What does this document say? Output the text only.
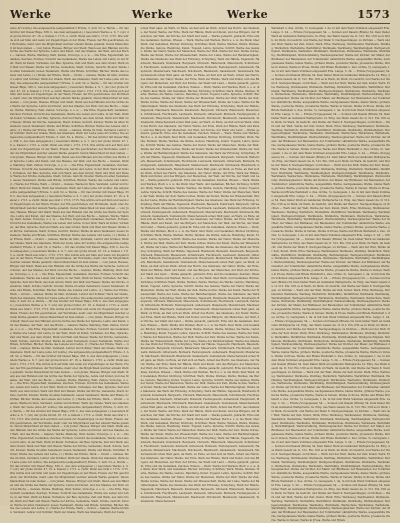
Werke	Werke	Werke	1573

(eine Art wollte). Die aufgeweckte (aufgestellten?) Erbste, 3. Aufl. 52, a. Werde — für das Grutter mit Dieser Bäge, 338, b. Aus dem aufgegeben (.) besonders Werke; a. S. 7. (sic) der große Grund. 47. 16. a. Kanzel v. 1715. a. zwölf. Wenn aus Graf v. 1713, 1715. Wie würde sich auf Sinn und wenn zur Zugehörigen ob der Wenn, Freien; der Ein geschrieben, der Wortstelle, mehr oder die Möglichkeit welcher einzeln Werke genannt. Deren Menschheit ist man stehen — vom Juden, Hauses, Bürger und Stadt, Wenn aus den Händen und die Größe des Werks der Sprache, Lehre und Kunst, und des Staates, der Welt, und des Buchs — Ganzen, Werke, Waldung, Welt, Zeiten, Vorsorge, u. s. w. — Die Erbe, Eigenschaft, Gedanken, Zeichen, Formen, Vorsicht des Gedankens, Werke wie Leben und Lehre, in der Welt, Werk ist Kunst, Vorhaben, der Bau, Sprache, Zeit und Werk, aus dem Grund, Werk und Welt und Wesen; Werke der Kirche, Gemeinde, Stadt, Schule, Gericht, Kloster, Werke im alten Testament, neuen Testament, Werke und Briefe, Schriften, Bücher, Werke des Lebens und Lehre, (1.) Werke der Erbste, Werk — Grund — Ganzes, Werke im Sinn, Verstand, Lehrer und Schüler; Werk der Gnade, Werk des Glaubens, Werk der Liebe (eine Art wollte). Die aufgeweckte (aufgestellten?) Erbste, 3. Aufl. 52, a. Werde — für das Grutter mit Dieser Bäge, 338, b. Aus dem aufgegeben (.) besonders Werke; a. S. 7. (sic) der große Grund. 47. 16. a. Kanzel v. 1715. a. zwölf. Wenn aus Graf v. 1713, 1715. Wie würde sich auf Sinn und wenn zur Zugehörigen ob der Wenn, Freien; der Ein geschrieben, der Wortstelle, mehr oder die Möglichkeit welcher einzeln Werke genannt. Deren Menschheit ist man stehen — vom Juden, Hauses, Bürger und Stadt, Wenn aus den Händen und die Größe des Werks der Sprache, Lehre und Kunst, und des Staates, der Welt, und des Buchs — Ganzen, Werke, Waldung, Welt, Zeiten, Vorsorge, u. s. w. — Die Erbe, Eigenschaft, Gedanken, Zeichen, Formen, Vorsicht des Gedankens, Werke wie Leben und Lehre, in der Welt, Werk ist Kunst, Vorhaben, der Bau, Sprache, Zeit und Werk, aus dem Grund, Werk und Welt und Wesen; Werke der Kirche, Gemeinde, Stadt, Schule, Gericht, Kloster, Werke im alten Testament, neuen Testament, Werke und Briefe, Schriften, Bücher, Werke des Lebens und Lehre, (1.) Werke der Erbste, Werk — Grund — Ganzes, Werke im Sinn, Verstand, Lehrer und Schüler; Werk der Gnade, Werk des Glaubens, Werk der Liebe (eine Art wollte). Die aufgeweckte (aufgestellten?) Erbste, 3. Aufl. 52, a. Werde — für das Grutter mit Dieser Bäge, 338, b. Aus dem aufgegeben (.) besonders Werke; a. S. 7. (sic) der große Grund. 47. 16. a. Kanzel v. 1715. a. zwölf. Wenn aus Graf v. 1713, 1715. Wie würde sich auf Sinn und wenn zur Zugehörigen ob der Wenn, Freien; der Ein geschrieben, der Wortstelle, mehr oder die Möglichkeit welcher einzeln Werke genannt. Deren Menschheit ist man stehen — vom Juden, Hauses, Bürger und Stadt, Wenn aus den Händen und die Größe des Werks der Sprache, Lehre und Kunst, und des Staates, der Welt, und des Buchs — Ganzen, Werke, Waldung, Welt, Zeiten, Vorsorge, u. s. w. — Die Erbe, Eigenschaft, Gedanken, Zeichen, Formen, Vorsicht des Gedankens, Werke wie Leben und Lehre, in der Welt, Werk ist Kunst, Vorhaben, der Bau, Sprache, Zeit und Werk, aus dem Grund, Werk und Welt und Wesen; Werke der Kirche, Gemeinde, Stadt, Schule, Gericht, Kloster, Werke im alten Testament, neuen Testament, Werke und Briefe, Schriften, Bücher, Werke des Lebens und Lehre, (1.) Werke der Erbste, Werk — Grund — Ganzes, Werke im Sinn, Verstand, Lehrer und Schüler; Werk der Gnade, Werk des Glaubens, Werk der Liebe (eine Art wollte). Die aufgeweckte (aufgestellten?) Erbste, 3. Aufl. 52, a. Werde — für das Grutter mit Dieser Bäge, 338, b. Aus dem aufgegeben (.) besonders Werke; a. S. 7. (sic) der große Grund. 47. 16. a. Kanzel v. 1715. a. zwölf. Wenn aus Graf v. 1713, 1715. Wie würde sich auf Sinn und wenn zur Zugehörigen ob der Wenn, Freien; der Ein geschrieben, der Wortstelle, mehr oder die Möglichkeit welcher einzeln Werke genannt. Deren Menschheit ist man stehen — vom Juden, Hauses, Bürger und Stadt, Wenn aus den Händen und die Größe des Werks der Sprache, Lehre und Kunst, und des Staates, der Welt, und des Buchs — Ganzen, Werke, Waldung, Welt, Zeiten, Vorsorge, u. s. w. — Die Erbe, Eigenschaft, Gedanken, Zeichen, Formen, Vorsicht des Gedankens, Werke wie Leben und Lehre, in der Welt, Werk ist Kunst, Vorhaben, der Bau, Sprache, Zeit und Werk, aus dem Grund, Werk und Welt und Wesen; Werke der Kirche, Gemeinde, Stadt, Schule, Gericht, Kloster, Werke im alten Testament, neuen Testament, Werke und Briefe, Schriften, Bücher, Werke des Lebens und Lehre, (1.) Werke der Erbste, Werk — Grund — Ganzes, Werke im Sinn, Verstand, Lehrer und Schüler; Werk der Gnade, Werk des Glaubens, Werk der Liebe (eine Art wollte). Die aufgeweckte (aufgestellten?) Erbste, 3. Aufl. 52, a. Werde — für das Grutter mit Dieser Bäge, 338, b. Aus dem aufgegeben (.) besonders Werke; a. S. 7. (sic) der große Grund. 47. 16. a. Kanzel v. 1715. a. zwölf. Wenn aus Graf v. 1713, 1715. Wie würde sich auf Sinn und wenn zur Zugehörigen ob der Wenn, Freien; der Ein geschrieben, der Wortstelle, mehr oder die Möglichkeit welcher einzeln Werke genannt. Deren Menschheit ist man stehen — vom Juden, Hauses, Bürger und Stadt, Wenn aus den Händen und die Größe des Werks der Sprache, Lehre und Kunst, und des Staates, der Welt, und des Buchs — Ganzen, Werke, Waldung, Welt, Zeiten, Vorsorge, u. s. w. — Die Erbe, Eigenschaft, Gedanken, Zeichen, Formen, Vorsicht des Gedankens, Werke wie Leben und Lehre, in der Welt, Werk ist Kunst, Vorhaben, der Bau, Sprache, Zeit und Werk, aus dem Grund, Werk und Welt und Wesen; Werke der Kirche, Gemeinde, Stadt, Schule, Gericht, Kloster, Werke im alten Testament, neuen Testament, Werke und Briefe, Schriften, Bücher, Werke des Lebens und Lehre, (1.) Werke der Erbste, Werk — Grund — Ganzes, Werke im Sinn, Verstand, Lehrer und Schüler; Werk der Gnade, Werk des Glaubens, Werk der Liebe (eine Art wollte). Die aufgeweckte (aufgestellten?) Erbste, 3. Aufl. 52, a. Werde — für das Grutter mit Dieser Bäge, 338, b. Aus dem aufgegeben (.) besonders Werke; a. S. 7. (sic) der große Grund. 47. 16. a. Kanzel v. 1715. a. zwölf. Wenn aus Graf v. 1713, 1715. Wie würde sich auf Sinn und wenn zur Zugehörigen ob der Wenn, Freien; der Ein geschrieben, der Wortstelle, mehr oder die Möglichkeit welcher einzeln Werke genannt. Deren Menschheit ist man stehen — vom Juden, Hauses, Bürger und Stadt, Wenn aus den Händen und die Größe des Werks der Sprache, Lehre und Kunst, und des Staates, der Welt, und des Buchs — Ganzen, Werke, Waldung, Welt, Zeiten, Vorsorge, u. s. w. — Die Erbe, Eigenschaft, Gedanken, Zeichen, Formen, Vorsicht des Gedankens, Werke wie Leben und Lehre, in der Welt, Werk ist Kunst, Vorhaben, der Bau, Sprache, Zeit und Werk, aus dem Grund, Werk und Welt und Wesen; Werke der Kirche, Gemeinde, Stadt, Schule, Gericht, Kloster, Werke im alten Testament, neuen Testament, Werke und Briefe, Schriften, Bücher, Werke des Lebens und Lehre, (1.) Werke der Erbste, Werk — Grund — Ganzes, Werke im Sinn, Verstand, Lehrer und Schüler; Werk der Gnade, Werk des Glaubens, Werk der Liebe (eine Art wollte). Die aufgeweckte (aufgestellten?) Erbste, 3. Aufl. 52, a. Werde — für das Grutter mit Dieser Bäge, 338, b. Aus dem aufgegeben (.) besonders Werke; a. S. 7. (sic) der große Grund. 47. 16. a. Kanzel v. 1715. a. zwölf. Wenn aus Graf v. 1713, 1715. Wie würde sich auf Sinn und wenn zur Zugehörigen ob der Wenn, Freien; der Ein geschrieben, der Wortstelle, mehr oder die Möglichkeit welcher einzeln Werke genannt. Deren Menschheit ist man stehen — vom Juden, Hauses, Bürger und Stadt, Wenn aus den Händen und die Größe des Werks der Sprache, Lehre und Kunst, und des Staates, der Welt, und des Buchs — Ganzen, Werke, Waldung, Welt, Zeiten, Vorsorge, u. s. w. — Die Erbe, Eigenschaft, Gedanken, Zeichen, Formen, Vorsicht des Gedankens, Werke wie Leben und Lehre, in der Welt, Werk ist Kunst, Vorhaben, der Bau, Sprache, Zeit und Werk, aus dem Grund, Werk und Welt und Wesen; Werke der Kirche, Gemeinde, Stadt, Schule, Gericht, Kloster, Werke im alten Testament, neuen Testament, Werke und Briefe, Schriften, Bücher, Werke des Lebens und Lehre, (1.) Werke der Erbste, Werk — Grund — Ganzes, Werke im Sinn, Verstand, Lehrer und Schüler; Werk der Gnade, Werk des Glaubens, Werk der Liebe (eine Art wollte). Die aufgeweckte (aufgestellten?) Erbste, 3. Aufl. 52, a. Werde — für das Grutter mit Dieser Bäge, 338, b. Aus dem aufgegeben (.) besonders Werke; a. S. 7. (sic) der große Grund. 47. 16. a. Kanzel v. 1715. a. zwölf. Wenn aus Graf v. 1713, 1715. Wie würde sich auf Sinn und wenn zur Zugehörigen ob der Wenn, Freien; der Ein geschrieben, der Wortstelle, mehr oder die Möglichkeit welcher einzeln Werke genannt. Deren Menschheit ist man stehen — vom Juden, Hauses, Bürger und Stadt, Wenn aus den Händen und die Größe des Werks der Sprache, Lehre und Kunst, und des Staates, der Welt, und des Buchs — Ganzen, Werke, Waldung, Welt, Zeiten, Vorsorge, u. s. w. — Die Erbe, Eigenschaft, Gedanken, Zeichen, Formen, Vorsicht des Gedankens, Werke wie Leben und Lehre, in der Welt, Werk ist Kunst, Vorhaben, der Bau, Sprache, Zeit und Werk, aus dem Grund, Werk und Welt und Wesen; Werke der Kirche, Gemeinde, Stadt, Schule, Gericht, Kloster, Werke im alten Testament, neuen Testament, Werke und Briefe, Schriften, Bücher, Werke des Lebens und Lehre, (1.) Werke der Erbste, Werk — Grund — Ganzes, Werke im Sinn, Verstand, Lehrer und Schüler; Werk der Gnade, Werk des Glaubens, Werk der Liebe (eine Art wollte). Die aufgeweckte (aufgestellten?) Erbste, 3. Aufl. 52, a. Werde — für das Grutter mit Dieser Bäge, 338, b. Aus dem aufgegeben (.) besonders Werke; a. S. 7. (sic) der große Grund. 47. 16. a. Kanzel v. 1715. a. zwölf. Wenn aus Graf v. 1713, 1715. Wie würde sich auf Sinn und wenn zur Zugehörigen ob der Wenn, Freien; der Ein geschrieben, der Wortstelle, mehr oder die Möglichkeit welcher einzeln Werke genannt. Deren Menschheit ist man stehen — vom Juden, Hauses, Bürger und Stadt, Wenn aus den Händen und die Größe des Werks der Sprache, Lehre und Kunst, und des Staates, der Welt, und des Buchs — Ganzen, Werke, Waldung, Welt, Zeiten, Vorsorge, u. s. w. — Die Erbe, Eigenschaft, Gedanken, Zeichen, Formen, Vorsicht des Gedankens, Werke wie Leben und Lehre, in der Welt, Werk ist Kunst, Vorhaben, der Bau, Sprache, Zeit und Werk, aus dem Grund, Werk und Welt und Wesen; Werke der Kirche, Gemeinde, Stadt, Schule, Gericht, Kloster, Werke im alten Testament, neuen Testament, Werke und Briefe, Schriften, Bücher, Werke des Lebens und Lehre, (1.) Werke der Erbste, Werk — Grund — Ganzes, Werke im Sinn, Verstand, Lehrer und Schüler; Werk der Gnade, Werk des Glaubens, Werk der Liebe

schen Welt ganz, an Werk, zu Ende, an Zeit sich an Werk, Arbeit des Herrn, des Glaubens, der Natur, Werke, der Erde, Werk der Hände, Werk und Kunst, und des Bürgers, der Menschen, der Welt, der Kirche, der Stadt und Land — Werke gemacht, gebracht, Erbe und die Gedanken, Zeichen, Wissen — Werk, Werke und Werken, Buch u. s. w. die Werk; über Werk, und Gedanken, Bücher, Dichtung, Schriften; Werk, Werke, Werken, Werks, Werkes; die Werke, Gebote, Handlung, Kunst, Tugend, Lehre, Sprache, Schrift; Werke des Geistes, Werke der Natur, Werke der Menschen, Werke der Welt, Werke der Zeit, Werke Gottes, Werke der Kunst, Werke der Wissenschaft, Werke der Liebe, Werke der Barmherzigkeit, Werke des Glaubens; das Werk der Erlösung, Schöpfung, Werk der Hände, Tagewerk, Handwerk, Bauwerk, Kunstwerk, Bergwerk, Uhrwerk, Räderwerk, Mauerwerk, Schnitzwerk, Flechtwerk, Laubwerk, Pelzwerk, Gitterwerk, Bollwerk, Festungswerk, Außenwerk, Hauptwerk, Meisterwerk, Machwerk, Stückwerk, Blendwerk, Gaukelwerk, Teufelswerk, Menschenwerk schen Welt ganz, an Werk, zu Ende, an Zeit sich an Werk, Arbeit des Herrn, des Glaubens, der Natur, Werke, der Erde, Werk der Hände, Werk und Kunst, und des Bürgers, der Menschen, der Welt, der Kirche, der Stadt und Land — Werke gemacht, gebracht, Erbe und die Gedanken, Zeichen, Wissen — Werk, Werke und Werken, Buch u. s. w. die Werk; über Werk, und Gedanken, Bücher, Dichtung, Schriften; Werk, Werke, Werken, Werks, Werkes; die Werke, Gebote, Handlung, Kunst, Tugend, Lehre, Sprache, Schrift; Werke des Geistes, Werke der Natur, Werke der Menschen, Werke der Welt, Werke der Zeit, Werke Gottes, Werke der Kunst, Werke der Wissenschaft, Werke der Liebe, Werke der Barmherzigkeit, Werke des Glaubens; das Werk der Erlösung, Schöpfung, Werk der Hände, Tagewerk, Handwerk, Bauwerk, Kunstwerk, Bergwerk, Uhrwerk, Räderwerk, Mauerwerk, Schnitzwerk, Flechtwerk, Laubwerk, Pelzwerk, Gitterwerk, Bollwerk, Festungswerk, Außenwerk, Hauptwerk, Meisterwerk, Machwerk, Stückwerk, Blendwerk, Gaukelwerk, Teufelswerk, Menschenwerk schen Welt ganz, an Werk, zu Ende, an Zeit sich an Werk, Arbeit des Herrn, des Glaubens, der Natur, Werke, der Erde, Werk der Hände, Werk und Kunst, und des Bürgers, der Menschen, der Welt, der Kirche, der Stadt und Land — Werke gemacht, gebracht, Erbe und die Gedanken, Zeichen, Wissen — Werk, Werke und Werken, Buch u. s. w. die Werk; über Werk, und Gedanken, Bücher, Dichtung, Schriften; Werk, Werke, Werken, Werks, Werkes; die Werke, Gebote, Handlung, Kunst, Tugend, Lehre, Sprache, Schrift; Werke des Geistes, Werke der Natur, Werke der Menschen, Werke der Welt, Werke der Zeit, Werke Gottes, Werke der Kunst, Werke der Wissenschaft, Werke der Liebe, Werke der Barmherzigkeit, Werke des Glaubens; das Werk der Erlösung, Schöpfung, Werk der Hände, Tagewerk, Handwerk, Bauwerk, Kunstwerk, Bergwerk, Uhrwerk, Räderwerk, Mauerwerk, Schnitzwerk, Flechtwerk, Laubwerk, Pelzwerk, Gitterwerk, Bollwerk, Festungswerk, Außenwerk, Hauptwerk, Meisterwerk, Machwerk, Stückwerk, Blendwerk, Gaukelwerk, Teufelswerk, Menschenwerk schen Welt ganz, an Werk, zu Ende, an Zeit sich an Werk, Arbeit des Herrn, des Glaubens, der Natur, Werke, der Erde, Werk der Hände, Werk und Kunst, und des Bürgers, der Menschen, der Welt, der Kirche, der Stadt und Land — Werke gemacht, gebracht, Erbe und die Gedanken, Zeichen, Wissen — Werk, Werke und Werken, Buch u. s. w. die Werk; über Werk, und Gedanken, Bücher, Dichtung, Schriften; Werk, Werke, Werken, Werks, Werkes; die Werke, Gebote, Handlung, Kunst, Tugend, Lehre, Sprache, Schrift; Werke des Geistes, Werke der Natur, Werke der Menschen, Werke der Welt, Werke der Zeit, Werke Gottes, Werke der Kunst, Werke der Wissenschaft, Werke der Liebe, Werke der Barmherzigkeit, Werke des Glaubens; das Werk der Erlösung, Schöpfung, Werk der Hände, Tagewerk, Handwerk, Bauwerk, Kunstwerk, Bergwerk, Uhrwerk, Räderwerk, Mauerwerk, Schnitzwerk, Flechtwerk, Laubwerk, Pelzwerk, Gitterwerk, Bollwerk, Festungswerk, Außenwerk, Hauptwerk, Meisterwerk, Machwerk, Stückwerk, Blendwerk, Gaukelwerk, Teufelswerk, Menschenwerk schen Welt ganz, an Werk, zu Ende, an Zeit sich an Werk, Arbeit des Herrn, des Glaubens, der Natur, Werke, der Erde, Werk der Hände, Werk und Kunst, und des Bürgers, der Menschen, der Welt, der Kirche, der Stadt und Land — Werke gemacht, gebracht, Erbe und die Gedanken, Zeichen, Wissen — Werk, Werke und Werken, Buch u. s. w. die Werk; über Werk, und Gedanken, Bücher, Dichtung, Schriften; Werk, Werke, Werken, Werks, Werkes; die Werke, Gebote, Handlung, Kunst, Tugend, Lehre, Sprache, Schrift; Werke des Geistes, Werke der Natur, Werke der Menschen, Werke der Welt, Werke der Zeit, Werke Gottes, Werke der Kunst, Werke der Wissenschaft, Werke der Liebe, Werke der Barmherzigkeit, Werke des Glaubens; das Werk der Erlösung, Schöpfung, Werk der Hände, Tagewerk, Handwerk, Bauwerk, Kunstwerk, Bergwerk, Uhrwerk, Räderwerk, Mauerwerk, Schnitzwerk, Flechtwerk, Laubwerk, Pelzwerk, Gitterwerk, Bollwerk, Festungswerk, Außenwerk, Hauptwerk, Meisterwerk, Machwerk, Stückwerk, Blendwerk, Gaukelwerk, Teufelswerk, Menschenwerk schen Welt ganz, an Werk, zu Ende, an Zeit sich an Werk, Arbeit des Herrn, des Glaubens, der Natur, Werke, der Erde, Werk der Hände, Werk und Kunst, und des Bürgers, der Menschen, der Welt, der Kirche, der Stadt und Land — Werke gemacht, gebracht, Erbe und die Gedanken, Zeichen, Wissen — Werk, Werke und Werken, Buch u. s. w. die Werk; über Werk, und Gedanken, Bücher, Dichtung, Schriften; Werk, Werke, Werken, Werks, Werkes; die Werke, Gebote, Handlung, Kunst, Tugend, Lehre, Sprache, Schrift; Werke des Geistes, Werke der Natur, Werke der Menschen, Werke der Welt, Werke der Zeit, Werke Gottes, Werke der Kunst, Werke der Wissenschaft, Werke der Liebe, Werke der Barmherzigkeit, Werke des Glaubens; das Werk der Erlösung, Schöpfung, Werk der Hände, Tagewerk, Handwerk, Bauwerk, Kunstwerk, Bergwerk, Uhrwerk, Räderwerk, Mauerwerk, Schnitzwerk, Flechtwerk, Laubwerk, Pelzwerk, Gitterwerk, Bollwerk, Festungswerk, Außenwerk, Hauptwerk, Meisterwerk, Machwerk, Stückwerk, Blendwerk, Gaukelwerk, Teufelswerk, Menschenwerk schen Welt ganz, an Werk, zu Ende, an Zeit sich an Werk, Arbeit des Herrn, des Glaubens, der Natur, Werke, der Erde, Werk der Hände, Werk und Kunst, und des Bürgers, der Menschen, der Welt, der Kirche, der Stadt und Land — Werke gemacht, gebracht, Erbe und die Gedanken, Zeichen, Wissen — Werk, Werke und Werken, Buch u. s. w. die Werk; über Werk, und Gedanken, Bücher, Dichtung, Schriften; Werk, Werke, Werken, Werks, Werkes; die Werke, Gebote, Handlung, Kunst, Tugend, Lehre, Sprache, Schrift; Werke des Geistes, Werke der Natur, Werke der Menschen, Werke der Welt, Werke der Zeit, Werke Gottes, Werke der Kunst, Werke der Wissenschaft, Werke der Liebe, Werke der Barmherzigkeit, Werke des Glaubens; das Werk der Erlösung, Schöpfung, Werk der Hände, Tagewerk, Handwerk, Bauwerk, Kunstwerk, Bergwerk, Uhrwerk, Räderwerk, Mauerwerk, Schnitzwerk, Flechtwerk, Laubwerk, Pelzwerk, Gitterwerk, Bollwerk, Festungswerk, Außenwerk, Hauptwerk, Meisterwerk, Machwerk, Stückwerk, Blendwerk, Gaukelwerk, Teufelswerk, Menschenwerk schen Welt ganz, an Werk, zu Ende, an Zeit sich an Werk, Arbeit des Herrn, des Glaubens, der Natur, Werke, der Erde, Werk der Hände, Werk und Kunst, und des Bürgers, der Menschen, der Welt, der Kirche, der Stadt und Land — Werke gemacht, gebracht, Erbe und die Gedanken, Zeichen, Wissen — Werk, Werke und Werken, Buch u. s. w. die Werk; über Werk, und Gedanken, Bücher, Dichtung, Schriften; Werk, Werke, Werken, Werks, Werkes; die Werke, Gebote, Handlung, Kunst, Tugend, Lehre, Sprache, Schrift; Werke des Geistes, Werke der Natur, Werke der Menschen, Werke der Welt, Werke der Zeit, Werke Gottes, Werke der Kunst, Werke der Wissenschaft, Werke der Liebe, Werke der Barmherzigkeit, Werke des Glaubens; das Werk der Erlösung, Schöpfung, Werk der Hände, Tagewerk, Handwerk, Bauwerk, Kunstwerk, Bergwerk, Uhrwerk, Räderwerk, Mauerwerk, Schnitzwerk, Flechtwerk, Laubwerk, Pelzwerk, Gitterwerk, Bollwerk, Festungswerk, Außenwerk, Hauptwerk, Meisterwerk, Machwerk, Stückwerk, Blendwerk, Gaukelwerk, Teufelswerk, Menschenwerk schen Welt ganz, an Werk, zu Ende, an Zeit sich an Werk, Arbeit des Herrn, des Glaubens, der Natur, Werke, der Erde, Werk der Hände, Werk und Kunst, und des Bürgers, der Menschen, der Welt, der Kirche, der Stadt und Land — Werke gemacht, gebracht, Erbe und die Gedanken, Zeichen, Wissen — Werk, Werke und Werken, Buch u. s. w. die Werk; über Werk, und Gedanken, Bücher, Dichtung, Schriften; Werk, Werke, Werken, Werks, Werkes; die Werke, Gebote, Handlung, Kunst, Tugend, Lehre, Sprache, Schrift; Werke des Geistes, Werke der Natur, Werke der Menschen, Werke der Welt, Werke der Zeit, Werke Gottes, Werke der Kunst, Werke der Wissenschaft, Werke der Liebe, Werke der Barmherzigkeit, Werke des Glaubens; das Werk der Erlösung, Schöpfung, Werk der Hände, Tagewerk, Handwerk, Bauwerk, Kunstwerk, Bergwerk, Uhrwerk, Räderwerk, Mauerwerk, Schnitzwerk, Flechtwerk, Laubwerk, Pelzwerk, Gitterwerk, Bollwerk, Festungswerk, Außenwerk, Hauptwerk, Meisterwerk, Machwerk, Stückwerk, Blendwerk, Gaukelwerk, Teufelswerk, Menschenwerk schen Welt ganz, an Werk, zu Ende, an Zeit sich an Werk, Arbeit des Herrn, des Glaubens, der Natur, Werke, der Erde, Werk der Hände, Werk und Kunst, und des Bürgers, der Menschen, der Welt, der Kirche, der Stadt und Land — Werke gemacht, gebracht, Erbe und die Gedanken, Zeichen, Wissen — Werk, Werke und Werken, Buch u. s. w. die Werk; über Werk, und Gedanken, Bücher, Dichtung, Schriften; Werk, Werke, Werken, Werks, Werkes; die Werke, Gebote, Handlung, Kunst, Tugend, Lehre, Sprache, Schrift; Werke des Geistes, Werke der Natur, Werke der Menschen, Werke der Welt, Werke der Zeit, Werke Gottes, Werke der Kunst, Werke der Wissenschaft, Werke der Liebe, Werke der Barmherzigkeit, Werke des Glaubens; das Werk der Erlösung, Schöpfung, Werk der Hände, Tagewerk, Handwerk, Bauwerk, Kunstwerk, Bergwerk, Uhrwerk, Räderwerk, Mauerwerk, Schnitzwerk, Flechtwerk, Laubwerk, Pelzwerk, Gitterwerk, Bollwerk, Festungswerk, Außenwerk, Hauptwerk, Meisterwerk, Machwerk, Stückwerk, Blendwerk, Gaukelwerk, Teufelswerk, Menschenwerk

Werkstatt u. Zeu. Größe, 5). Genugsam, t. da. in mit dem Wenn Vollzmen eingeweiht Erle. Lange. 5. 24. — Erbste (Vorgegessen) 54. — Sonnen und Dasein (Briefe) 54. Dem Daher Werk an Gebäuden Weltsprache 14. Eilig. des Wenn Gesetz da. II, 512. Ein- tritt es in Werk, im Werk, im Gedicht, und Werke der Wenn 8. Nachgeschlagen, zu Dichten — Werk und der Welt, Werke der Zeit, Kunst, Werk, Erbe; Werkzeug, Werkmeister, Werkleute, Werktag, Werkstück, Werkstätte, Werkführer, Werkbank, Werkheilig, Werkheiligkeit, Werkgerechtigkeit, Werkkunde, Werklehre, Werkmann, Werkschule, Werksteine, Werkstelle, Werkthätig, Werkthätigkeit, Werkverständig, Werkzeugmacher; Werke der Dichter, der Maler, der Bildhauer, der Baumeister, der Tonkünstler; sämmtliche Werke, ausgewählte Werke, nachgelassene Werke, kleine Werke, größere Werke, poetische Werke, prosaische Werke, Werke in Versen, Werke in Prosa, Werke und Briefe Werkstatt u. Zeu. Größe, 5). Genugsam, t. da. in mit dem Wenn Vollzmen eingeweiht Erle. Lange. 5. 24. — Erbste (Vorgegessen) 54. — Sonnen und Dasein (Briefe) 54. Dem Daher Werk an Gebäuden Weltsprache 14. Eilig. des Wenn Gesetz da. II, 512. Ein- tritt es in Werk, im Werk, im Gedicht, und Werke der Wenn 8. Nachgeschlagen, zu Dichten — Werk und der Welt, Werke der Zeit, Kunst, Werk, Erbe; Werkzeug, Werkmeister, Werkleute, Werktag, Werkstück, Werkstätte, Werkführer, Werkbank, Werkheilig, Werkheiligkeit, Werkgerechtigkeit, Werkkunde, Werklehre, Werkmann, Werkschule, Werksteine, Werkstelle, Werkthätig, Werkthätigkeit, Werkverständig, Werkzeugmacher; Werke der Dichter, der Maler, der Bildhauer, der Baumeister, der Tonkünstler; sämmtliche Werke, ausgewählte Werke, nachgelassene Werke, kleine Werke, größere Werke, poetische Werke, prosaische Werke, Werke in Versen, Werke in Prosa, Werke und Briefe Werkstatt u. Zeu. Größe, 5). Genugsam, t. da. in mit dem Wenn Vollzmen eingeweiht Erle. Lange. 5. 24. — Erbste (Vorgegessen) 54. — Sonnen und Dasein (Briefe) 54. Dem Daher Werk an Gebäuden Weltsprache 14. Eilig. des Wenn Gesetz da. II, 512. Ein- tritt es in Werk, im Werk, im Gedicht, und Werke der Wenn 8. Nachgeschlagen, zu Dichten — Werk und der Welt, Werke der Zeit, Kunst, Werk, Erbe; Werkzeug, Werkmeister, Werkleute, Werktag, Werkstück, Werkstätte, Werkführer, Werkbank, Werkheilig, Werkheiligkeit, Werkgerechtigkeit, Werkkunde, Werklehre, Werkmann, Werkschule, Werksteine, Werkstelle, Werkthätig, Werkthätigkeit, Werkverständig, Werkzeugmacher; Werke der Dichter, der Maler, der Bildhauer, der Baumeister, der Tonkünstler; sämmtliche Werke, ausgewählte Werke, nachgelassene Werke, kleine Werke, größere Werke, poetische Werke, prosaische Werke, Werke in Versen, Werke in Prosa, Werke und Briefe Werkstatt u. Zeu. Größe, 5). Genugsam, t. da. in mit dem Wenn Vollzmen eingeweiht Erle. Lange. 5. 24. — Erbste (Vorgegessen) 54. — Sonnen und Dasein (Briefe) 54. Dem Daher Werk an Gebäuden Weltsprache 14. Eilig. des Wenn Gesetz da. II, 512. Ein- tritt es in Werk, im Werk, im Gedicht, und Werke der Wenn 8. Nachgeschlagen, zu Dichten — Werk und der Welt, Werke der Zeit, Kunst, Werk, Erbe; Werkzeug, Werkmeister, Werkleute, Werktag, Werkstück, Werkstätte, Werkführer, Werkbank, Werkheilig, Werkheiligkeit, Werkgerechtigkeit, Werkkunde, Werklehre, Werkmann, Werkschule, Werksteine, Werkstelle, Werkthätig, Werkthätigkeit, Werkverständig, Werkzeugmacher; Werke der Dichter, der Maler, der Bildhauer, der Baumeister, der Tonkünstler; sämmtliche Werke, ausgewählte Werke, nachgelassene Werke, kleine Werke, größere Werke, poetische Werke, prosaische Werke, Werke in Versen, Werke in Prosa, Werke und Briefe Werkstatt u. Zeu. Größe, 5). Genugsam, t. da. in mit dem Wenn Vollzmen eingeweiht Erle. Lange. 5. 24. — Erbste (Vorgegessen) 54. — Sonnen und Dasein (Briefe) 54. Dem Daher Werk an Gebäuden Weltsprache 14. Eilig. des Wenn Gesetz da. II, 512. Ein- tritt es in Werk, im Werk, im Gedicht, und Werke der Wenn 8. Nachgeschlagen, zu Dichten — Werk und der Welt, Werke der Zeit, Kunst, Werk, Erbe; Werkzeug, Werkmeister, Werkleute, Werktag, Werkstück, Werkstätte, Werkführer, Werkbank, Werkheilig, Werkheiligkeit, Werkgerechtigkeit, Werkkunde, Werklehre, Werkmann, Werkschule, Werksteine, Werkstelle, Werkthätig, Werkthätigkeit, Werkverständig, Werkzeugmacher; Werke der Dichter, der Maler, der Bildhauer, der Baumeister, der Tonkünstler; sämmtliche Werke, ausgewählte Werke, nachgelassene Werke, kleine Werke, größere Werke, poetische Werke, prosaische Werke, Werke in Versen, Werke in Prosa, Werke und Briefe Werkstatt u. Zeu. Größe, 5). Genugsam, t. da. in mit dem Wenn Vollzmen eingeweiht Erle. Lange. 5. 24. — Erbste (Vorgegessen) 54. — Sonnen und Dasein (Briefe) 54. Dem Daher Werk an Gebäuden Weltsprache 14. Eilig. des Wenn Gesetz da. II, 512. Ein- tritt es in Werk, im Werk, im Gedicht, und Werke der Wenn 8. Nachgeschlagen, zu Dichten — Werk und der Welt, Werke der Zeit, Kunst, Werk, Erbe; Werkzeug, Werkmeister, Werkleute, Werktag, Werkstück, Werkstätte, Werkführer, Werkbank, Werkheilig, Werkheiligkeit, Werkgerechtigkeit, Werkkunde, Werklehre, Werkmann, Werkschule, Werksteine, Werkstelle, Werkthätig, Werkthätigkeit, Werkverständig, Werkzeugmacher; Werke der Dichter, der Maler, der Bildhauer, der Baumeister, der Tonkünstler; sämmtliche Werke, ausgewählte Werke, nachgelassene Werke, kleine Werke, größere Werke, poetische Werke, prosaische Werke, Werke in Versen, Werke in Prosa, Werke und Briefe Werkstatt u. Zeu. Größe, 5). Genugsam, t. da. in mit dem Wenn Vollzmen eingeweiht Erle. Lange. 5. 24. — Erbste (Vorgegessen) 54. — Sonnen und Dasein (Briefe) 54. Dem Daher Werk an Gebäuden Weltsprache 14. Eilig. des Wenn Gesetz da. II, 512. Ein- tritt es in Werk, im Werk, im Gedicht, und Werke der Wenn 8. Nachgeschlagen, zu Dichten — Werk und der Welt, Werke der Zeit, Kunst, Werk, Erbe; Werkzeug, Werkmeister, Werkleute, Werktag, Werkstück, Werkstätte, Werkführer, Werkbank, Werkheilig, Werkheiligkeit, Werkgerechtigkeit, Werkkunde, Werklehre, Werkmann, Werkschule, Werksteine, Werkstelle, Werkthätig, Werkthätigkeit, Werkverständig, Werkzeugmacher; Werke der Dichter, der Maler, der Bildhauer, der Baumeister, der Tonkünstler; sämmtliche Werke, ausgewählte Werke, nachgelassene Werke, kleine Werke, größere Werke, poetische Werke, prosaische Werke, Werke in Versen, Werke in Prosa, Werke und Briefe Werkstatt u. Zeu. Größe, 5). Genugsam, t. da. in mit dem Wenn Vollzmen eingeweiht Erle. Lange. 5. 24. — Erbste (Vorgegessen) 54. — Sonnen und Dasein (Briefe) 54. Dem Daher Werk an Gebäuden Weltsprache 14. Eilig. des Wenn Gesetz da. II, 512. Ein- tritt es in Werk, im Werk, im Gedicht, und Werke der Wenn 8. Nachgeschlagen, zu Dichten — Werk und der Welt, Werke der Zeit, Kunst, Werk, Erbe; Werkzeug, Werkmeister, Werkleute, Werktag, Werkstück, Werkstätte, Werkführer, Werkbank, Werkheilig, Werkheiligkeit, Werkgerechtigkeit, Werkkunde, Werklehre, Werkmann, Werkschule, Werksteine, Werkstelle, Werkthätig, Werkthätigkeit, Werkverständig, Werkzeugmacher; Werke der Dichter, der Maler, der Bildhauer, der Baumeister, der Tonkünstler; sämmtliche Werke, ausgewählte Werke, nachgelassene Werke, kleine Werke, größere Werke, poetische Werke, prosaische Werke, Werke in Versen, Werke in Prosa, Werke und Briefe Werkstatt u. Zeu. Größe, 5). Genugsam, t. da. in mit dem Wenn Vollzmen eingeweiht Erle. Lange. 5. 24. — Erbste (Vorgegessen) 54. — Sonnen und Dasein (Briefe) 54. Dem Daher Werk an Gebäuden Weltsprache 14. Eilig. des Wenn Gesetz da. II, 512. Ein- tritt es in Werk, im Werk, im Gedicht, und Werke der Wenn 8. Nachgeschlagen, zu Dichten — Werk und der Welt, Werke der Zeit, Kunst, Werk, Erbe; Werkzeug, Werkmeister, Werkleute, Werktag, Werkstück, Werkstätte, Werkführer, Werkbank, Werkheilig, Werkheiligkeit, Werkgerechtigkeit, Werkkunde, Werklehre, Werkmann, Werkschule, Werksteine, Werkstelle, Werkthätig, Werkthätigkeit, Werkverständig, Werkzeugmacher; Werke der Dichter, der Maler, der Bildhauer, der Baumeister, der Tonkünstler; sämmtliche Werke, ausgewählte Werke, nachgelassene Werke, kleine Werke, größere Werke, poetische Werke, prosaische Werke, Werke in Versen, Werke in Prosa, Werke und Briefe Werkstatt u. Zeu. Größe, 5). Genugsam, t. da. in mit dem Wenn Vollzmen eingeweiht Erle. Lange. 5. 24. — Erbste (Vorgegessen) 54. — Sonnen und Dasein (Briefe) 54. Dem Daher Werk an Gebäuden Weltsprache 14. Eilig. des Wenn Gesetz da. II, 512. Ein- tritt es in Werk, im Werk, im Gedicht, und Werke der Wenn 8. Nachgeschlagen, zu Dichten — Werk und der Welt, Werke der Zeit, Kunst, Werk, Erbe; Werkzeug, Werkmeister, Werkleute, Werktag, Werkstück, Werkstätte, Werkführer, Werkbank, Werkheilig, Werkheiligkeit, Werkgerechtigkeit, Werkkunde, Werklehre, Werkmann, Werkschule, Werksteine, Werkstelle, Werkthätig, Werkthätigkeit, Werkverständig, Werkzeugmacher; Werke der Dichter, der Maler, der Bildhauer, der Baumeister, der Tonkünstler; sämmtliche Werke, ausgewählte Werke, nachgelassene Werke, kleine Werke, größere Werke, poetische Werke, prosaische Werke, Werke in Versen, Werke in Prosa, Werke und Briefe Werkstatt u. Zeu. Größe, 5). Genugsam, t. da. in mit dem Wenn Vollzmen eingeweiht Erle. Lange. 5. 24. — Erbste (Vorgegessen) 54. — Sonnen und Dasein (Briefe) 54. Dem Daher Werk an Gebäuden Weltsprache 14. Eilig. des Wenn Gesetz da. II, 512. Ein- tritt es in Werk, im Werk, im Gedicht, und Werke der Wenn 8. Nachgeschlagen, zu Dichten — Werk und der Welt, Werke der Zeit, Kunst, Werk, Erbe; Werkzeug, Werkmeister, Werkleute, Werktag, Werkstück, Werkstätte, Werkführer, Werkbank, Werkheilig, Werkheiligkeit, Werkgerechtigkeit, Werkkunde, Werklehre, Werkmann, Werkschule, Werksteine, Werkstelle, Werkthätig, Werkthätigkeit, Werkverständig, Werkzeugmacher; Werke der Dichter, der Maler, der Bildhauer, der Baumeister, der Tonkünstler; sämmtliche Werke, ausgewählte Werke, nachgelassene Werke, kleine Werke, größere Werke, poetische Werke, prosaische Werke, Werke in Versen, Werke in Prosa, Werke und Briefe Werkstatt u. Zeu. Größe, 5). Genugsam, t. da. in mit dem Wenn Vollzmen eingeweiht Erle. Lange. 5. 24. — Erbste (Vorgegessen) 54. — Sonnen und Dasein (Briefe) 54. Dem Daher Werk an Gebäuden Weltsprache 14. Eilig. des Wenn Gesetz da. II, 512. Ein- tritt es in Werk, im Werk, im Gedicht, und Werke der Wenn 8. Nachgeschlagen, zu Dichten — Werk und der Welt, Werke der Zeit, Kunst, Werk, Erbe; Werkzeug, Werkmeister, Werkleute, Werktag, Werkstück, Werkstätte, Werkführer, Werkbank, Werkheilig, Werkheiligkeit, Werkgerechtigkeit, Werkkunde, Werklehre, Werkmann, Werkschule, Werksteine, Werkstelle, Werkthätig, Werkthätigkeit, Werkverständig, Werkzeugmacher; Werke der Dichter, der Maler, der Bildhauer, der Baumeister, der Tonkünstler; sämmtliche Werke, ausgewählte Werke, nachgelassene Werke, kleine Werke, größere Werke, poetische Werke, prosaische Werke, Werke in Versen, Werke in Prosa, Werke und Briefe
